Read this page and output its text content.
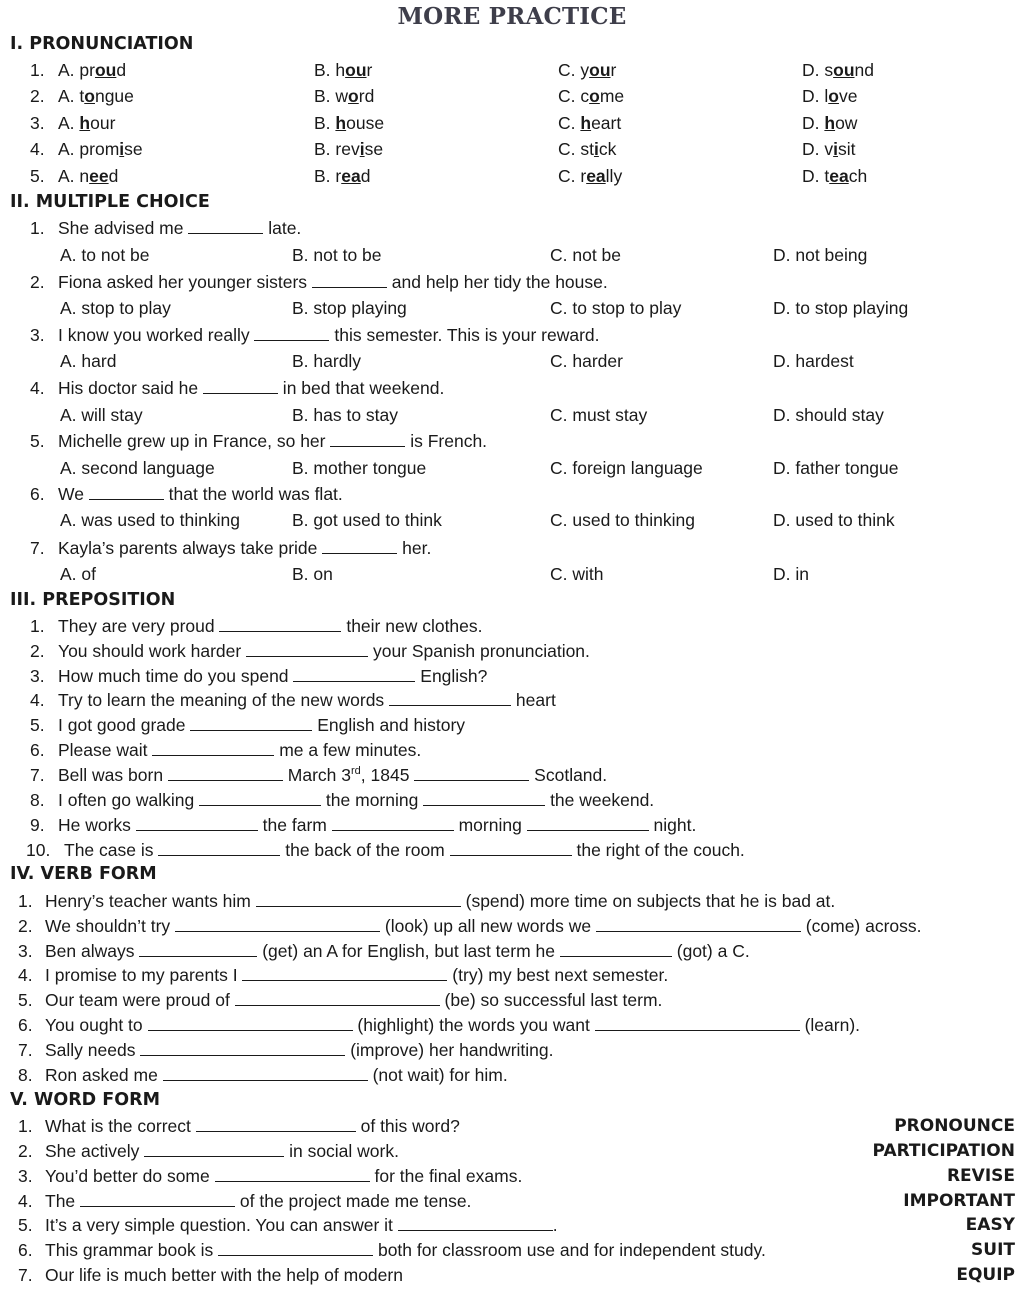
MORE PRACTICE
I. PRONUNCIATION
II. MULTIPLE CHOICE
III. PREPOSITION
IV. VERB FORM
V. WORD FORM
1. A. proud	B. hour	C. your	D. sound
2. A. tongue	B. word	C. come	D. love
3. A. hour	B. house	C. heart	D. how
4. A. promise	B. revise	C. stick	D. visit
5. A. need	B. read	C. really	D. teach
1. She advised me	late.
A. to not be	B. not to be	C. not be	D. not being
2. Fiona asked her younger sisters	and help her tidy the house.
A. stop to play	B. stop playing	C. to stop to play	D. to stop playing
3. I know you worked really	this semester. This is your reward.
A. hard	B. hardly	C. harder	D. hardest
4. His doctor said he	in bed that weekend.
A. will stay	B. has to stay	C. must stay	D. should stay
5. Michelle grew up in France, so her	is French.
A. second language	B. mother tongue	C. foreign language	D. father tongue
6. We	that the world was flat.
A. was used to thinking	B. got used to think	C. used to thinking	D. used to think
7. Kayla’s parents always take pride	her.
A. of	B. on	C. with	D. in
1. They are very proud	their new clothes.
2. You should work harder	your Spanish pronunciation.
3. How much time do you spend	English?
4. Try to learn the meaning of the new words	heart
5. I got good grade	English and history
6. Please wait	me a few minutes.
7. Bell was born	March 3rd, 1845	Scotland.
8. I often go walking	the morning	the weekend.
9. He works	the farm	morning	night.
10. The case is	the back of the room	the right of the couch.
1. Henry’s teacher wants him	(spend) more time on subjects that he is bad at.
2. We shouldn’t try	(look) up all new words we	(come) across.
3. Ben always	(get) an A for English, but last term he	(got) a C.
4. I promise to my parents I	(try) my best next semester.
5. Our team were proud of	(be) so successful last term.
6. You ought to	(highlight) the words you want	(learn).
7. Sally needs	(improve) her handwriting.
8. Ron asked me	(not wait) for him.
1. What is the correct	of this word?	PRONOUNCE
2. She actively	in social work.	PARTICIPATION
3. You’d better do some	for the final exams.	REVISE
4. The	of the project made me tense.	IMPORTANT
5. It’s a very simple question. You can answer it	.	EASY
6. This grammar book is	both for classroom use and for independent study.	SUIT
7. Our life is much better with the help of modern	EQUIP
